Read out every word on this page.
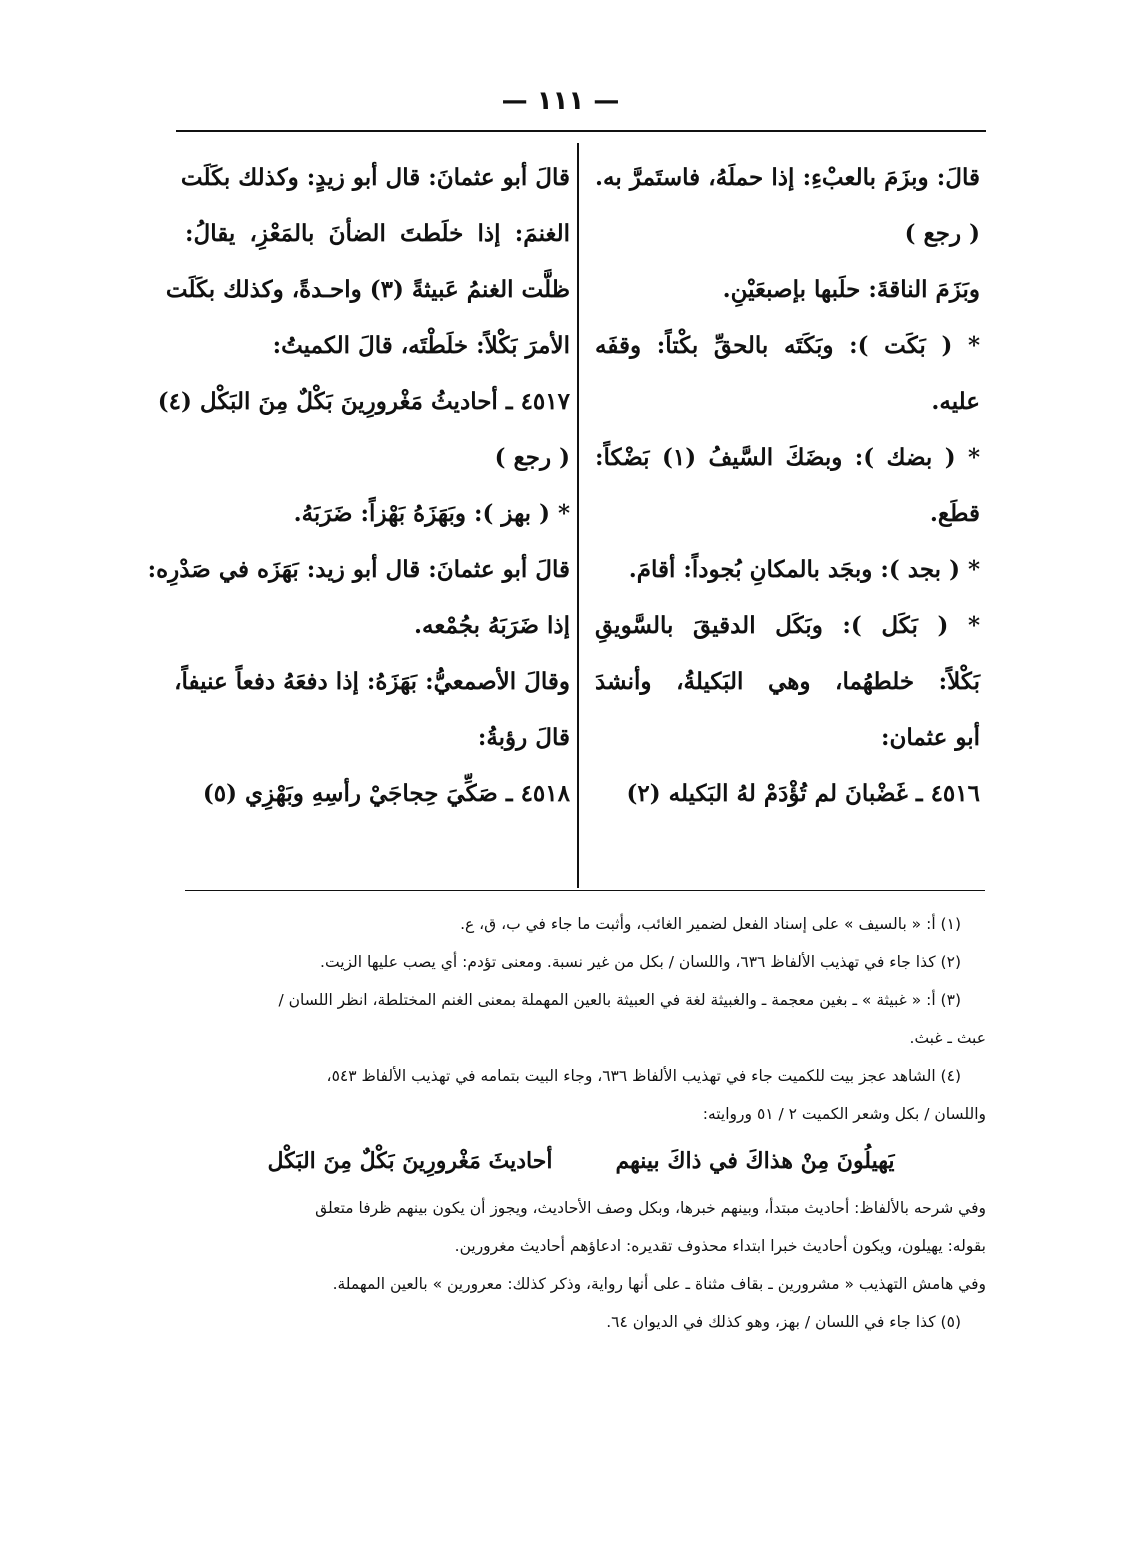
— ١١١ —
قالَ: وبزَمَ بالعبْءِ: إذا حملَهُ، فاستَمرَّ به.
( رجع )
وبَزَمَ الناقةَ: حلَبها بإصبعَيْنِ.
* ( بَكَت ): وبَكَتَه بالحقِّ بكْتاً: وقفَه
عليه.
* ( بضك ): وبضَكَ السَّيفُ (١) بَضْكاً:
قطَع.
* ( بجد ): وبجَد بالمكانِ بُجوداً: أقامَ.
* ( بَكَل ): وبَكَل الدقيقَ بالسَّويقِ
بَكْلاً: خلطهُما، وهي البَكيلةُ، وأنشدَ
أبو عثمان:
٤٥١٦ ـ غَضْبانَ لم تُؤْدَمْ لهُ البَكيله (٢)
قالَ أبو عثمانَ: قال أبو زيدٍ: وكذلك بكَلَت
الغنمَ: إذا خلَطتَ الضأنَ بالمَعْزِ، يقالُ:
ظلَّت الغنمُ عَبيثةً (٣) واحـدةً، وكذلك بكَلَت
الأمرَ بَكْلاً: خلَطْتَه، قالَ الكميتُ:
٤٥١٧ ـ أحاديثُ مَغْرورِينَ بَكْلٌ مِنَ البَكْل (٤)
( رجع )
* ( بهز ): وبَهَزَهُ بَهْزاً: ضَرَبَهُ.
قالَ أبو عثمانَ: قال أبو زيد: بَهَزَه في صَدْرِه:
إذا ضَرَبَهُ بجُمْعه.
وقالَ الأصمعيُّ: بَهَزَهُ: إذا دفعَهُ دفعاً عنيفاً،
قالَ رؤبةُ:
٤٥١٨ ـ صَكِّيَ حِجاجَيْ رأسِهِ وبَهْزِي (٥)
(١) أ: « بالسيف » على إسناد الفعل لضمير الغائب، وأثبت ما جاء في ب، ق، ع.
(٢) كذا جاء في تهذيب الألفاظ ٦٣٦، واللسان / بكل من غير نسبة. ومعنى تؤدم: أي يصب عليها الزيت.
(٣) أ: « غبيثة » ـ بغين معجمة ـ والغبيثة لغة في العبيثة بالعين المهملة بمعنى الغنم المختلطة، انظر اللسان /
عبث ـ غبث.
(٤) الشاهد عجز بيت للكميت جاء في تهذيب الألفاظ ٦٣٦، وجاء البيت بتمامه في تهذيب الألفاظ ٥٤٣،
واللسان / بكل وشعر الكميت ٢ / ٥١ وروايته:
يَهيلُونَ مِنْ هذاكَ في ذاكَ بينهم
أحاديثَ مَغْرورِينَ بَكْلٌ مِنَ البَكْل
وفي شرحه بالألفاظ: أحاديث مبتدأ، وبينهم خبرها، وبكل وصف الأحاديث، ويجوز أن يكون بينهم ظرفا متعلق
بقوله: يهيلون، ويكون أحاديث خبرا ابتداء محذوف تقديره: ادعاؤهم أحاديث مغرورين.
وفي هامش التهذيب « مشرورين ـ بقاف مثناة ـ على أنها رواية، وذكر كذلك: معرورين » بالعين المهملة.
(٥) كذا جاء في اللسان / بهز، وهو كذلك في الديوان ٦٤.
